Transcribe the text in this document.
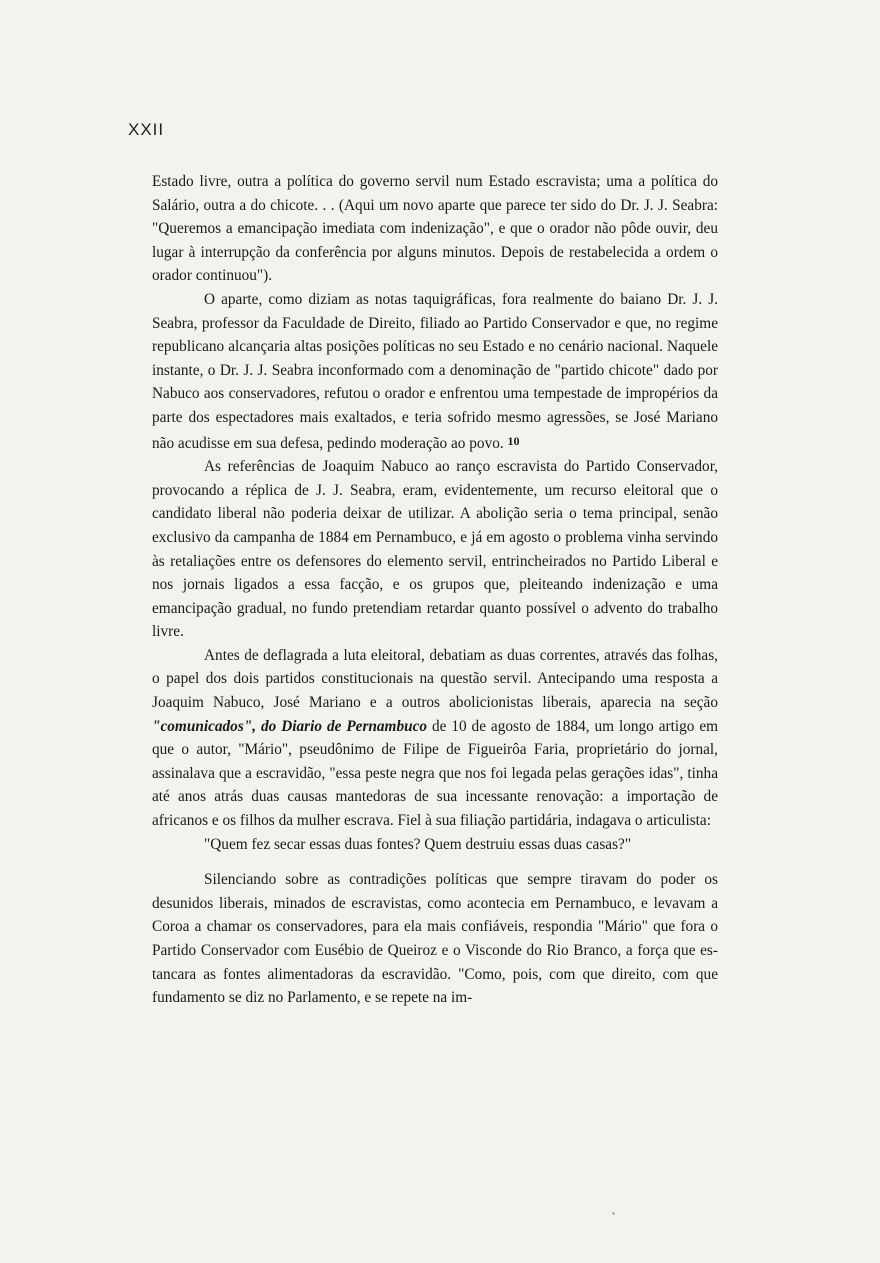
XXII

Estado livre, outra a política do governo servil num Estado escravista; uma a política do Salário, outra a do chicote. . . (Aqui um novo aparte que parece ter sido do Dr. J. J. Seabra: "Queremos a emancipação imediata com indenização", e que o orador não pôde ouvir, deu lugar à interrupção da conferência por alguns minutos. Depois de restabelecida a ordem o orador continuou").

O aparte, como diziam as notas taquigráficas, fora realmente do baiano Dr. J. J. Seabra, professor da Faculdade de Direito, filiado ao Partido Conservador e que, no regime republicano alcançaria altas posições políticas no seu Estado e no cenário nacional. Naquele instante, o Dr. J. J. Seabra inconformado com a denominação de "partido chicote" dado por Nabuco aos conservadores, refutou o orador e enfrentou uma tempestade de impropérios da parte dos espectadores mais exaltados, e teria sofrido mesmo agressões, se José Mariano não acudisse em sua defesa, pedindo moderação ao povo. 10

As referências de Joaquim Nabuco ao ranço escravista do Partido Conservador, provocando a réplica de J. J. Seabra, eram, evidentemente, um recurso eleitoral que o candidato liberal não poderia deixar de utilizar. A abolição seria o tema principal, senão exclusivo da campanha de 1884 em Pernambuco, e já em agosto o problema vinha servindo às retaliações entre os defensores do elemento servil, entrincheirados no Partido Liberal e nos jornais ligados a essa facção, e os grupos que, pleiteando indenização e uma emancipação gradual, no fundo pretendiam retardar quanto possível o advento do trabalho livre.

Antes de deflagrada a luta eleitoral, debatiam as duas correntes, através das folhas, o papel dos dois partidos constitucionais na questão servil. Antecipando uma resposta a Joaquim Nabuco, José Mariano e a outros abolicionistas liberais, aparecia na seção "comunicados", do Diario de Pernambuco de 10 de agosto de 1884, um longo artigo em que o autor, "Mário", pseudônimo de Filipe de Figueirôa Faria, proprietário do jornal, assinalava que a escravidão, "essa peste negra que nos foi legada pelas gerações idas", tinha até anos atrás duas causas mantedoras de sua incessante renovação: a importação de africanos e os filhos da mulher escrava. Fiel à sua filiação partidária, indagava o articulista:

"Quem fez secar essas duas fontes? Quem destruiu essas duas casas?"

Silenciando sobre as contradições políticas que sempre tiravam do poder os desunidos liberais, minados de escravistas, como acontecia em Pernambuco, e levavam a Coroa a chamar os conservadores, para ela mais confiáveis, respondia "Mário" que fora o Partido Conservador com Eusébio de Queiroz e o Visconde do Rio Branco, a força que estancara as fontes alimentadoras da escravidão. "Como, pois, com que direito, com que fundamento se diz no Parlamento, e se repete na im-
